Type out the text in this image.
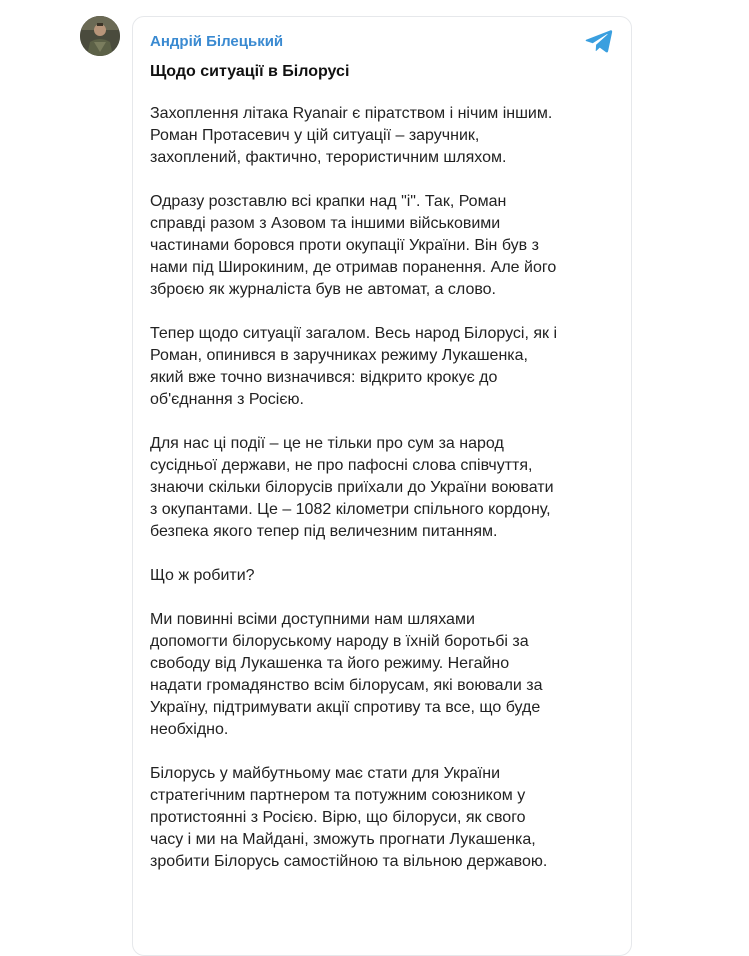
Андрій Білецький
Щодо ситуації в Білорусі

Захоплення літака Ryanair є піратством і нічим іншим.
Роман Протасевич у цій ситуації – заручник,
захоплений, фактично, терористичним шляхом.

Одразу розставлю всі крапки над "і". Так, Роман
справді разом з Азовом та іншими військовими
частинами боровся проти окупації України. Він був з
нами під Широкиним, де отримав поранення. Але його
зброєю як журналіста був не автомат, а слово.

Тепер щодо ситуації загалом. Весь народ Білорусі, як і
Роман, опинився в заручниках режиму Лукашенка,
який вже точно визначився: відкрито крокує до
об'єднання з Росією.

Для нас ці події – це не тільки про сум за народ
сусідньої держави, не про пафосні слова співчуття,
знаючи скільки білорусів приїхали до України воювати
з окупантами. Це – 1082 кілометри спільного кордону,
безпека якого тепер під величезним питанням.

Що ж робити?

Ми повинні всіми доступними нам шляхами
допомогти білоруському народу в їхній боротьбі за
свободу від Лукашенка та його режиму. Негайно
надати громадянство всім білорусам, які воювали за
Україну, підтримувати акції спротиву та все, що буде
необхідно.

Білорусь у майбутньому має стати для України
стратегічним партнером та потужним союзником у
протистоянні з Росією. Вірю, що білоруси, як свого
часу і ми на Майдані, зможуть прогнати Лукашенка,
зробити Білорусь самостійною та вільною державою.
